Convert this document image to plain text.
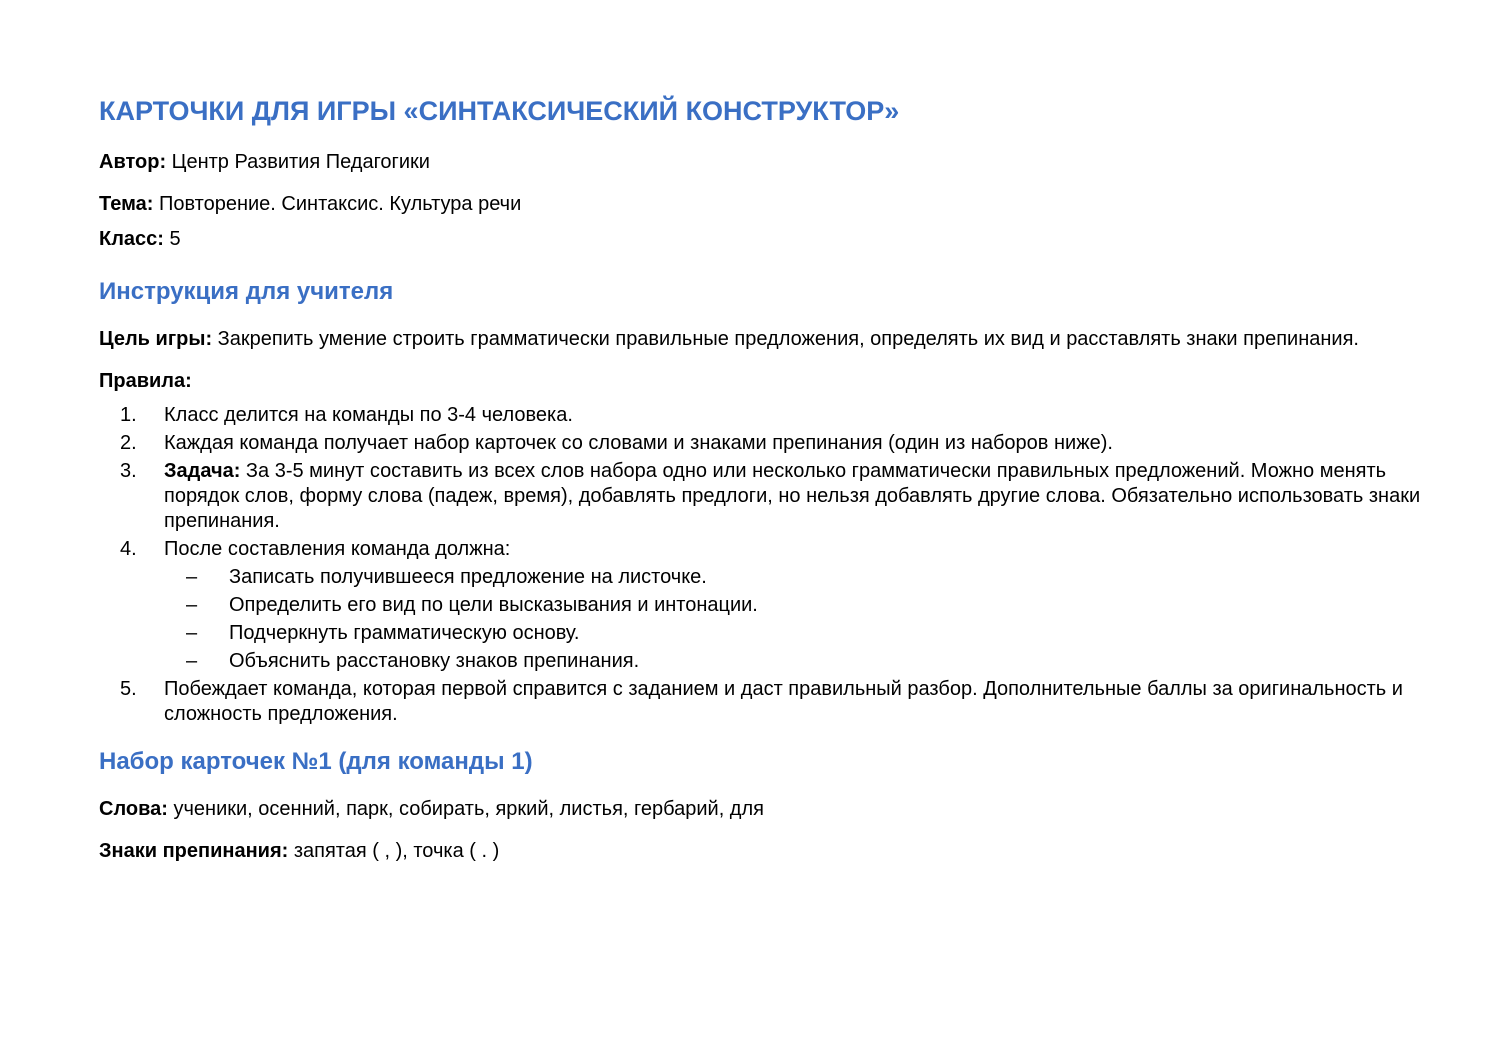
КАРТОЧКИ ДЛЯ ИГРЫ «СИНТАКСИЧЕСКИЙ КОНСТРУКТОР»

Автор: Центр Развития Педагогики

Тема: Повторение. Синтаксис. Культура речи

Класс: 5

Инструкция для учителя

Цель игры: Закрепить умение строить грамматически правильные предложения, определять их вид и расставлять знаки препинания.

Правила:

1. Класс делится на команды по 3-4 человека.
2. Каждая команда получает набор карточек со словами и знаками препинания (один из наборов ниже).
3. Задача: За 3-5 минут составить из всех слов набора одно или несколько грамматически правильных предложений. Можно менять порядок слов, форму слова (падеж, время), добавлять предлоги, но нельзя добавлять другие слова. Обязательно использовать знаки препинания.
4. После составления команда должна:
– Записать получившееся предложение на листочке.
– Определить его вид по цели высказывания и интонации.
– Подчеркнуть грамматическую основу.
– Объяснить расстановку знаков препинания.
5. Побеждает команда, которая первой справится с заданием и даст правильный разбор. Дополнительные баллы за оригинальность и сложность предложения.
Набор карточек №1 (для команды 1)

Слова: ученики, осенний, парк, собирать, яркий, листья, гербарий, для

Знаки препинания: запятая ( , ), точка ( . )
